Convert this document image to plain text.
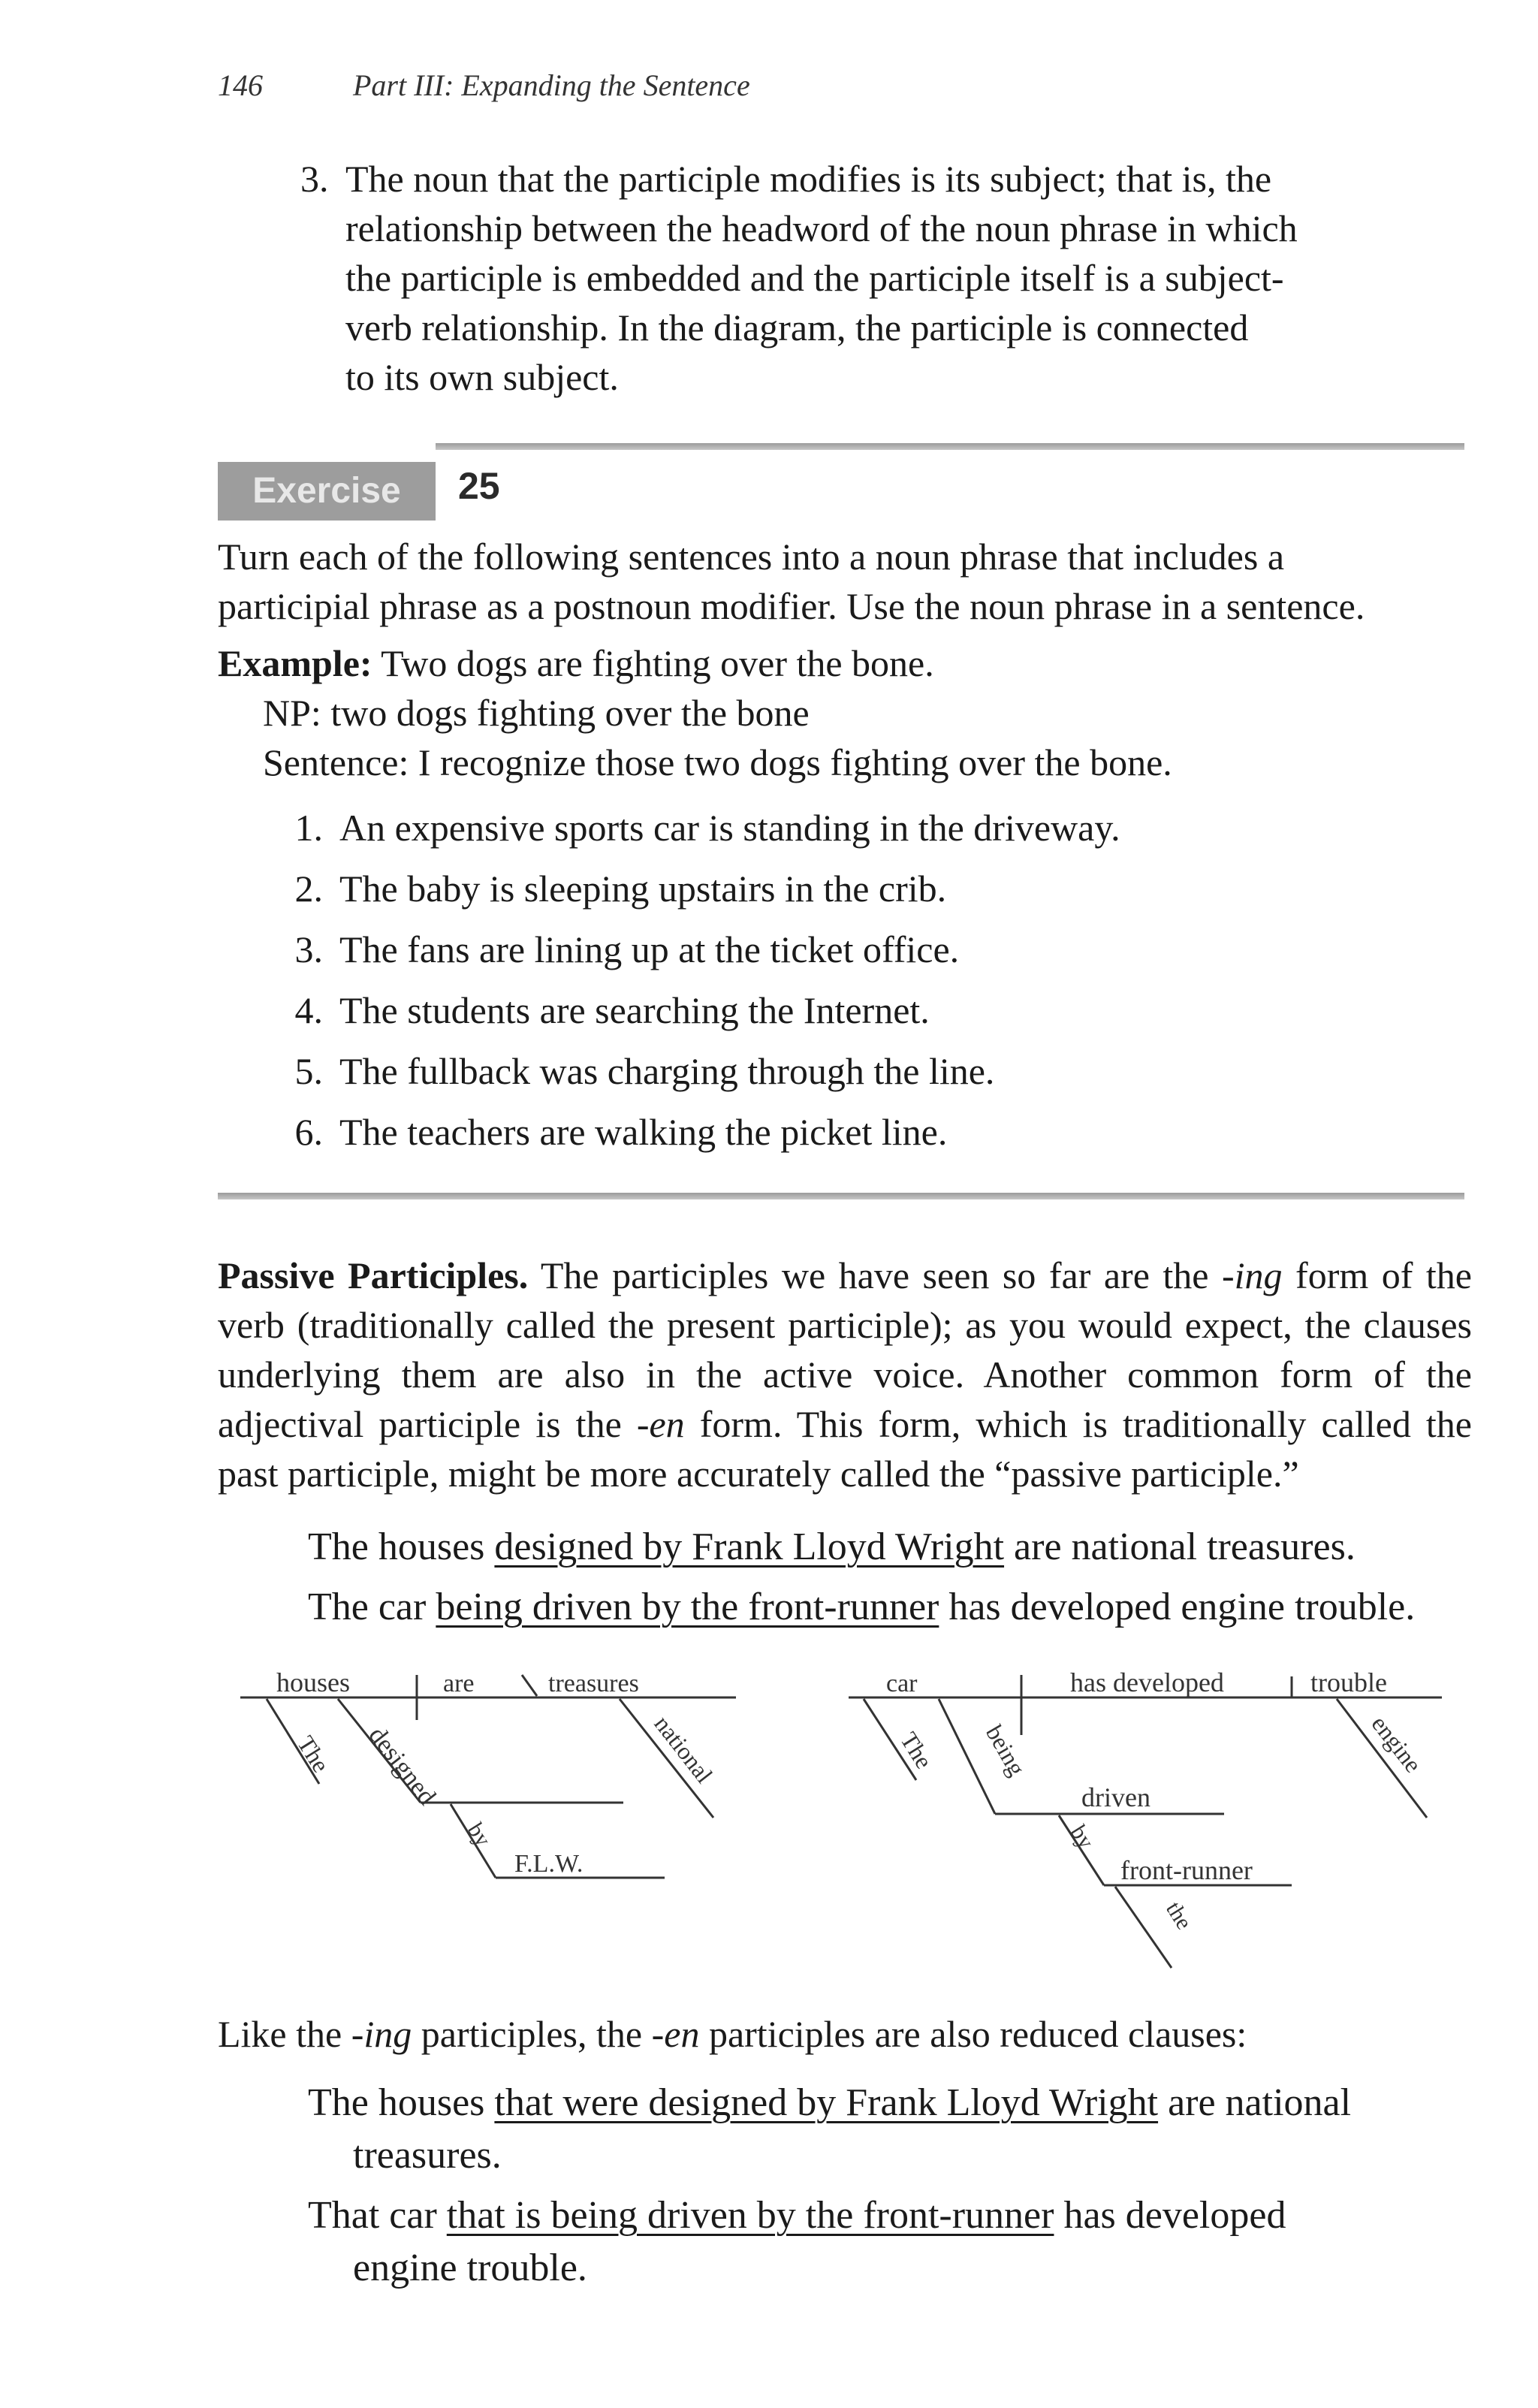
146	Part III: Expanding the Sentence
3. The noun that the participle modifies is its subject; that is, the
relationship between the headword of the noun phrase in which
the participle is embedded and the participle itself is a subject-
verb relationship. In the diagram, the participle is connected
to its own subject.
Exercise	25
Turn each of the following sentences into a noun phrase that includes a
participial phrase as a postnoun modifier. Use the noun phrase in a sentence.
Example: Two dogs are fighting over the bone.
NP: two dogs fighting over the bone
Sentence: I recognize those two dogs fighting over the bone.
1. An expensive sports car is standing in the driveway.
2. The baby is sleeping upstairs in the crib.
3. The fans are lining up at the ticket office.
4. The students are searching the Internet.
5. The fullback was charging through the line.
6. The teachers are walking the picket line.
Passive Participles. The participles we have seen so far are the -ing form of the verb (traditionally called the present participle); as you would expect, the clauses underlying them are also in the active voice. Another common form of the adjectival participle is the -en form. This form, which is traditionally called the past participle, might be more accurately called the “passive participle.”
The houses designed by Frank Lloyd Wright are national treasures.
The car being driven by the front-runner has developed engine trouble.
houses	are	treasures
The designed	national
by
F.L.W.
car	has developed	trouble
The being
driven
engine
by
front-runner
the
Like the -ing participles, the -en participles are also reduced clauses:
The houses that were designed by Frank Lloyd Wright are national
treasures.
That car that is being driven by the front-runner has developed
engine trouble.
